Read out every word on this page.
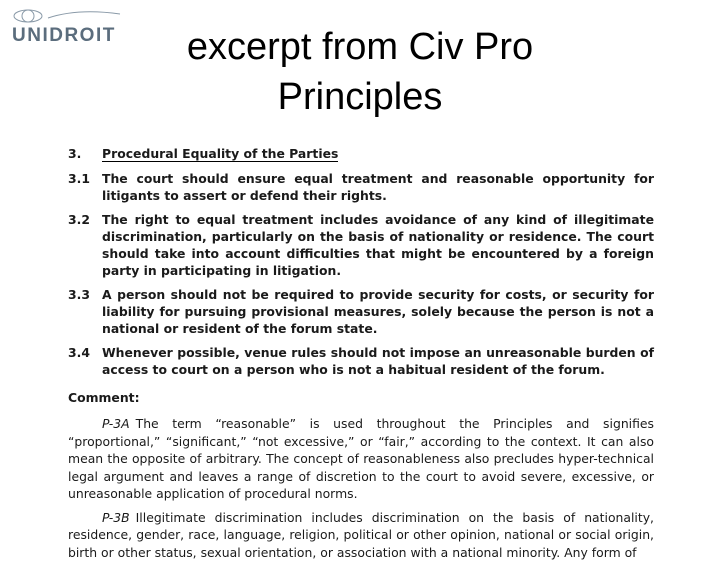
UNIDROIT	excerpt from Civ Pro
Principles
3.	Procedural Equality of the Parties
3.1 The court should ensure equal treatment and reasonable opportunity for litigants to assert or defend their rights.
3.2 The right to equal treatment includes avoidance of any kind of illegitimate discrimination, particularly on the basis of nationality or residence. The court should take into account difficulties that might be encountered by a foreign party in participating in litigation.
3.3 A person should not be required to provide security for costs, or security for liability for pursuing provisional measures, solely because the person is not a national or resident of the forum state.
3.4 Whenever possible, venue rules should not impose an unreasonable burden of access to court on a person who is not a habitual resident of the forum.
Comment:
P-3A The term “reasonable” is used throughout the Principles and signifies “proportional,” “significant,” “not excessive,” or “fair,” according to the context. It can also mean the opposite of arbitrary. The concept of reasonableness also precludes hyper-technical legal argument and leaves a range of discretion to the court to avoid severe, excessive, or unreasonable application of procedural norms.
P-3B Illegitimate discrimination includes discrimination on the basis of nationality, residence, gender, race, language, religion, political or other opinion, national or social origin, birth or other status, sexual orientation, or association with a national minority. Any form of
